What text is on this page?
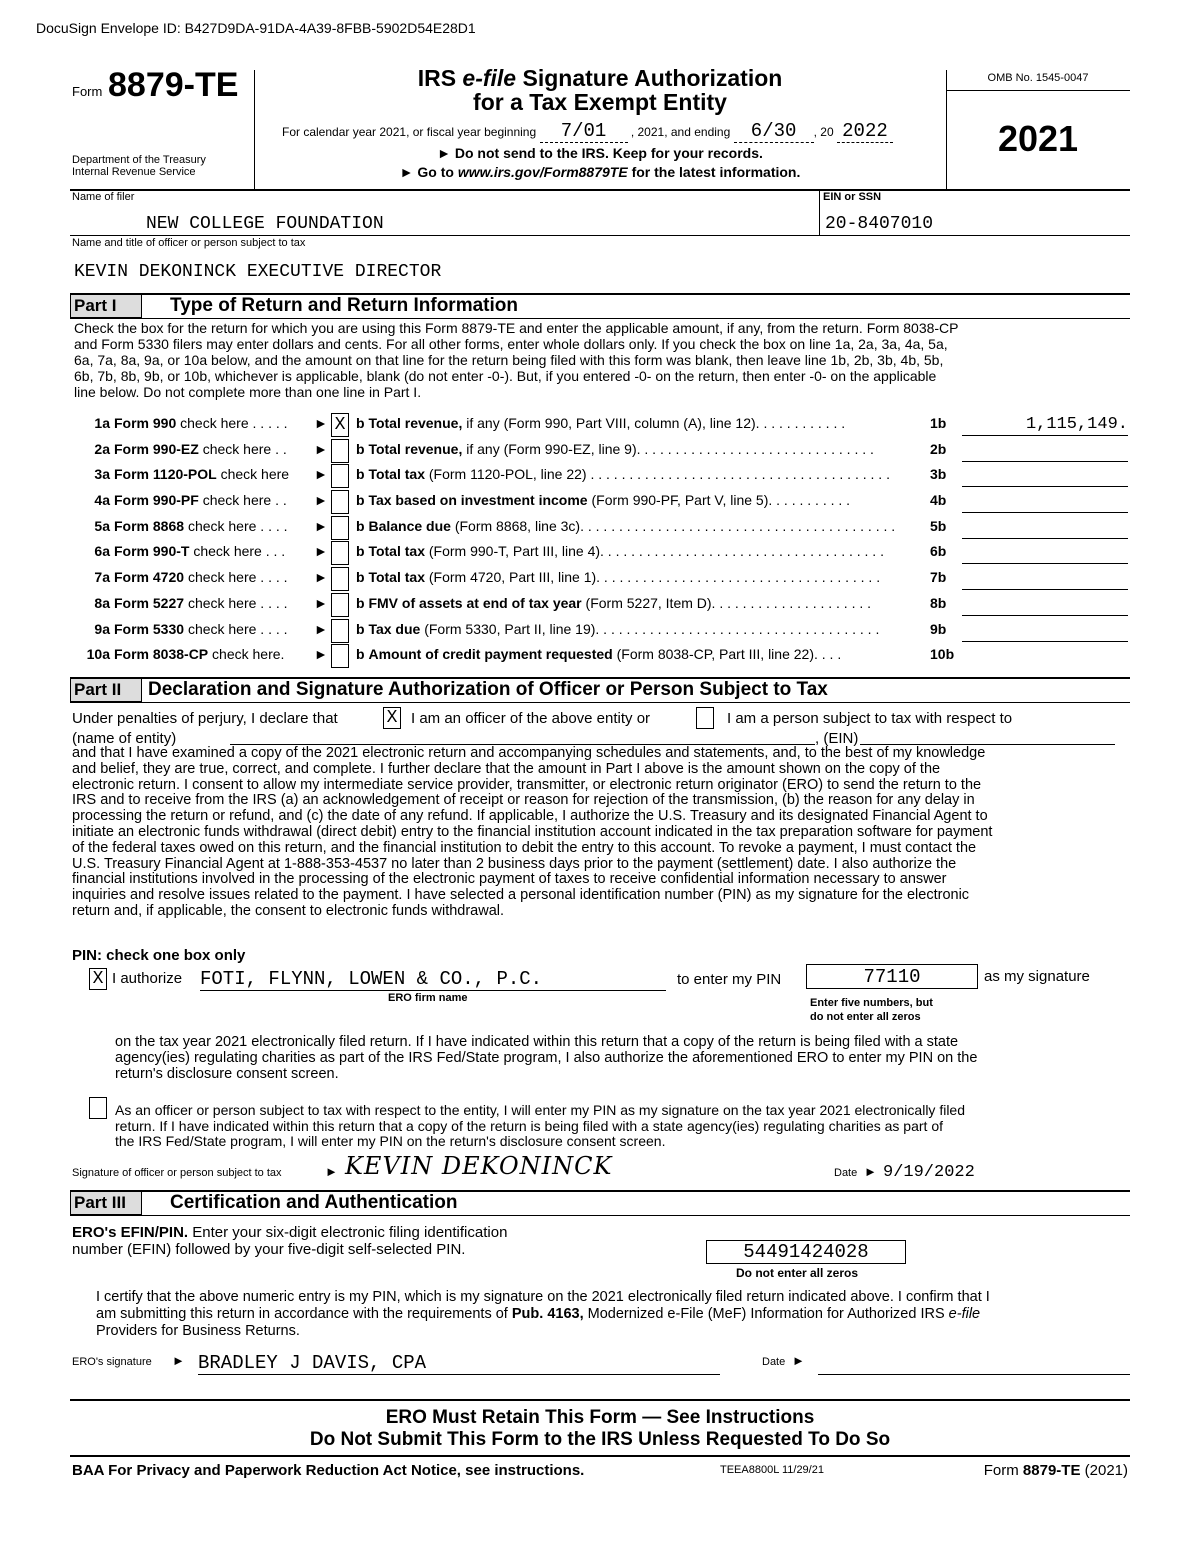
DocuSign Envelope ID: B427D9DA-91DA-4A39-8FBB-5902D54E28D1
Form 8879-TE
Department of the Treasury
Internal Revenue Service
IRS e-file Signature Authorization
for a Tax Exempt Entity
For calendar year 2021, or fiscal year beginning 7/01 , 2021, and ending 6/30 , 20 2022
► Do not send to the IRS. Keep for your records.
► Go to www.irs.gov/Form8879TE for the latest information.
OMB No. 1545-0047
2021
Name of filer
NEW COLLEGE FOUNDATION
EIN or SSN
20-8407010
Name and title of officer or person subject to tax
KEVIN DEKONINCK EXECUTIVE DIRECTOR
Part I	Type of Return and Return Information
Check the box for the return for which you are using this Form 8879-TE and enter the applicable amount, if any, from the return. Form 8038-CP
and Form 5330 filers may enter dollars and cents. For all other forms, enter whole dollars only. If you check the box on line 1a, 2a, 3a, 4a, 5a,
6a, 7a, 8a, 9a, or 10a below, and the amount on that line for the return being filed with this form was blank, then leave line 1b, 2b, 3b, 4b, 5b,
6b, 7b, 8b, 9b, or 10b, whichever is applicable, blank (do not enter -0-). But, if you entered -0- on the return, then enter -0- on the applicable
line below. Do not complete more than one line in Part I.
1a Form 990 check here . . . . .	► X b Total revenue, if any (Form 990, Part VIII, column (A), line 12). . . . . . . . . . . .	1b	1,115,149.
2a Form 990-EZ check here . .	► b Total revenue, if any (Form 990-EZ, line 9). . . . . . . . . . . . . . . . . . . . . . . . . . . . . . .	2b
3a Form 1120-POL check here	► b Total tax (Form 1120-POL, line 22) . . . . . . . . . . . . . . . . . . . . . . . . . . . . . . . . . . . . . . .	3b
4a Form 990-PF check here . .	► b Tax based on investment income (Form 990-PF, Part V, line 5). . . . . . . . . . .	4b
5a Form 8868 check here . . . .	► b Balance due (Form 8868, line 3c). . . . . . . . . . . . . . . . . . . . . . . . . . . . . . . . . . . . . . . . .	5b
6a Form 990-T check here . . .	► b Total tax (Form 990-T, Part III, line 4). . . . . . . . . . . . . . . . . . . . . . . . . . . . . . . . . . . . .	6b
7a Form 4720 check here . . . .	► b Total tax (Form 4720, Part III, line 1). . . . . . . . . . . . . . . . . . . . . . . . . . . . . . . . . . . . .	7b
8a Form 5227 check here . . . .	► b FMV of assets at end of tax year (Form 5227, Item D). . . . . . . . . . . . . . . . . . . . .	8b
9a Form 5330 check here . . . .	► b Tax due (Form 5330, Part II, line 19). . . . . . . . . . . . . . . . . . . . . . . . . . . . . . . . . . . . .	9b
10a Form 8038-CP check here.	► b Amount of credit payment requested (Form 8038-CP, Part III, line 22). . . .	10b
Part II	Declaration and Signature Authorization of Officer or Person Subject to Tax
Under penalties of perjury, I declare that	X I am an officer of the above entity or	I am a person subject to tax with respect to
(name of entity)	, (EIN)
and that I have examined a copy of the 2021 electronic return and accompanying schedules and statements, and, to the best of my knowledge
and belief, they are true, correct, and complete. I further declare that the amount in Part I above is the amount shown on the copy of the
electronic return. I consent to allow my intermediate service provider, transmitter, or electronic return originator (ERO) to send the return to the
IRS and to receive from the IRS (a) an acknowledgement of receipt or reason for rejection of the transmission, (b) the reason for any delay in
processing the return or refund, and (c) the date of any refund. If applicable, I authorize the U.S. Treasury and its designated Financial Agent to
initiate an electronic funds withdrawal (direct debit) entry to the financial institution account indicated in the tax preparation software for payment
of the federal taxes owed on this return, and the financial institution to debit the entry to this account. To revoke a payment, I must contact the
U.S. Treasury Financial Agent at 1-888-353-4537 no later than 2 business days prior to the payment (settlement) date. I also authorize the
financial institutions involved in the processing of the electronic payment of taxes to receive confidential information necessary to answer
inquiries and resolve issues related to the payment. I have selected a personal identification number (PIN) as my signature for the electronic
return and, if applicable, the consent to electronic funds withdrawal.
PIN: check one box only
X I authorize FOTI, FLYNN, LOWEN & CO., P.C.
ERO firm name
to enter my PIN	77110	as my signature
Enter five numbers, but
do not enter all zeros
on the tax year 2021 electronically filed return. If I have indicated within this return that a copy of the return is being filed with a state
agency(ies) regulating charities as part of the IRS Fed/State program, I also authorize the aforementioned ERO to enter my PIN on the
return's disclosure consent screen.
As an officer or person subject to tax with respect to the entity, I will enter my PIN as my signature on the tax year 2021 electronically filed
return. If I have indicated within this return that a copy of the return is being filed with a state agency(ies) regulating charities as part of
the IRS Fed/State program, I will enter my PIN on the return's disclosure consent screen.
Signature of officer or person subject to tax	► KEVIN DEKONINCK	Date ► 9/19/2022
Part III	Certification and Authentication
ERO's EFIN/PIN. Enter your six-digit electronic filing identification
number (EFIN) followed by your five-digit self-selected PIN.	54491424028
Do not enter all zeros
I certify that the above numeric entry is my PIN, which is my signature on the 2021 electronically filed return indicated above. I confirm that I
am submitting this return in accordance with the requirements of Pub. 4163, Modernized e-File (MeF) Information for Authorized IRS e-file
Providers for Business Returns.
ERO's signature ► BRADLEY J DAVIS, CPA	Date ►
ERO Must Retain This Form — See Instructions
Do Not Submit This Form to the IRS Unless Requested To Do So
BAA For Privacy and Paperwork Reduction Act Notice, see instructions.	TEEA8800L 11/29/21	Form 8879-TE (2021)
